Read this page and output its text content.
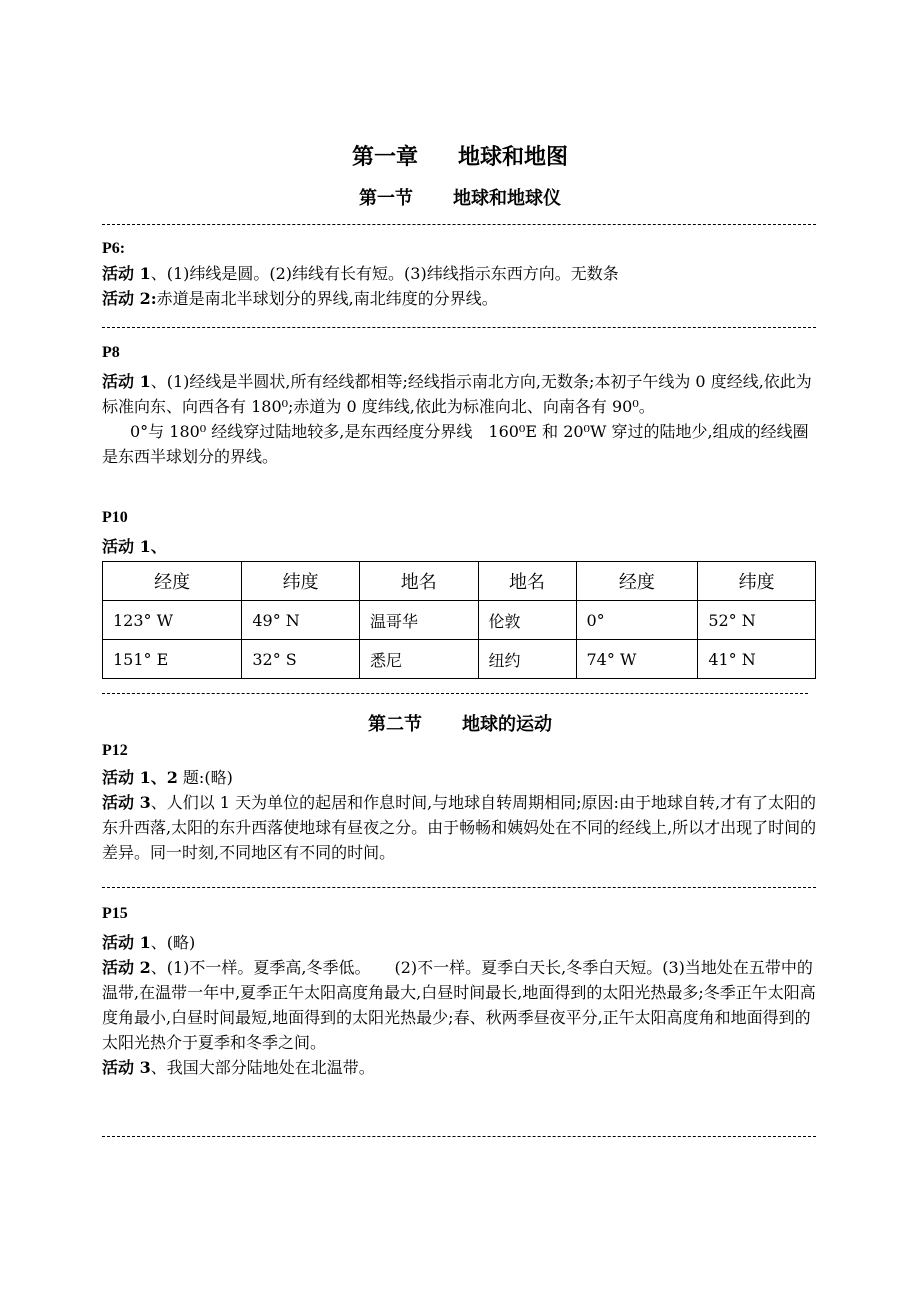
第一章 地球和地图
第一节 地球和地球仪
P6:

活动 1、(1)纬线是圆。(2)纬线有长有短。(3)纬线指示东西方向。无数条

活动 2:赤道是南北半球划分的界线,南北纬度的分界线。

P8

活动 1、(1)经线是半圆状,所有经线都相等;经线指示南北方向,无数条;本初子午线为 0 度经线,依此为标准向东、向西各有 180⁰;赤道为 0 度纬线,依此为标准向北、向南各有 90⁰。

0°与 180⁰ 经线穿过陆地较多,是东西经度分界线　160⁰E 和 20⁰W 穿过的陆地少,组成的经线圈是东西半球划分的界线。

P10

活动 1、

经度	纬度	地名	地名	经度	纬度
123° W	49° N	温哥华	伦敦	0°	52° N
151° E	32° S	悉尼	纽约	74° W	41° N
第二节 地球的运动
P12

活动 1、2 题:(略)

活动 3、人们以 1 天为单位的起居和作息时间,与地球自转周期相同;原因:由于地球自转,才有了太阳的东升西落,太阳的东升西落使地球有昼夜之分。由于畅畅和姨妈处在不同的经线上,所以才出现了时间的差异。同一时刻,不同地区有不同的时间。

P15

活动 1、(略)

活动 2、(1)不一样。夏季高,冬季低。　　(2)不一样。夏季白天长,冬季白天短。(3)当地处在五带中的温带,在温带一年中,夏季正午太阳高度角最大,白昼时间最长,地面得到的太阳光热最多;冬季正午太阳高度角最小,白昼时间最短,地面得到的太阳光热最少;春、秋两季昼夜平分,正午太阳高度角和地面得到的太阳光热介于夏季和冬季之间。

活动 3、我国大部分陆地处在北温带。
